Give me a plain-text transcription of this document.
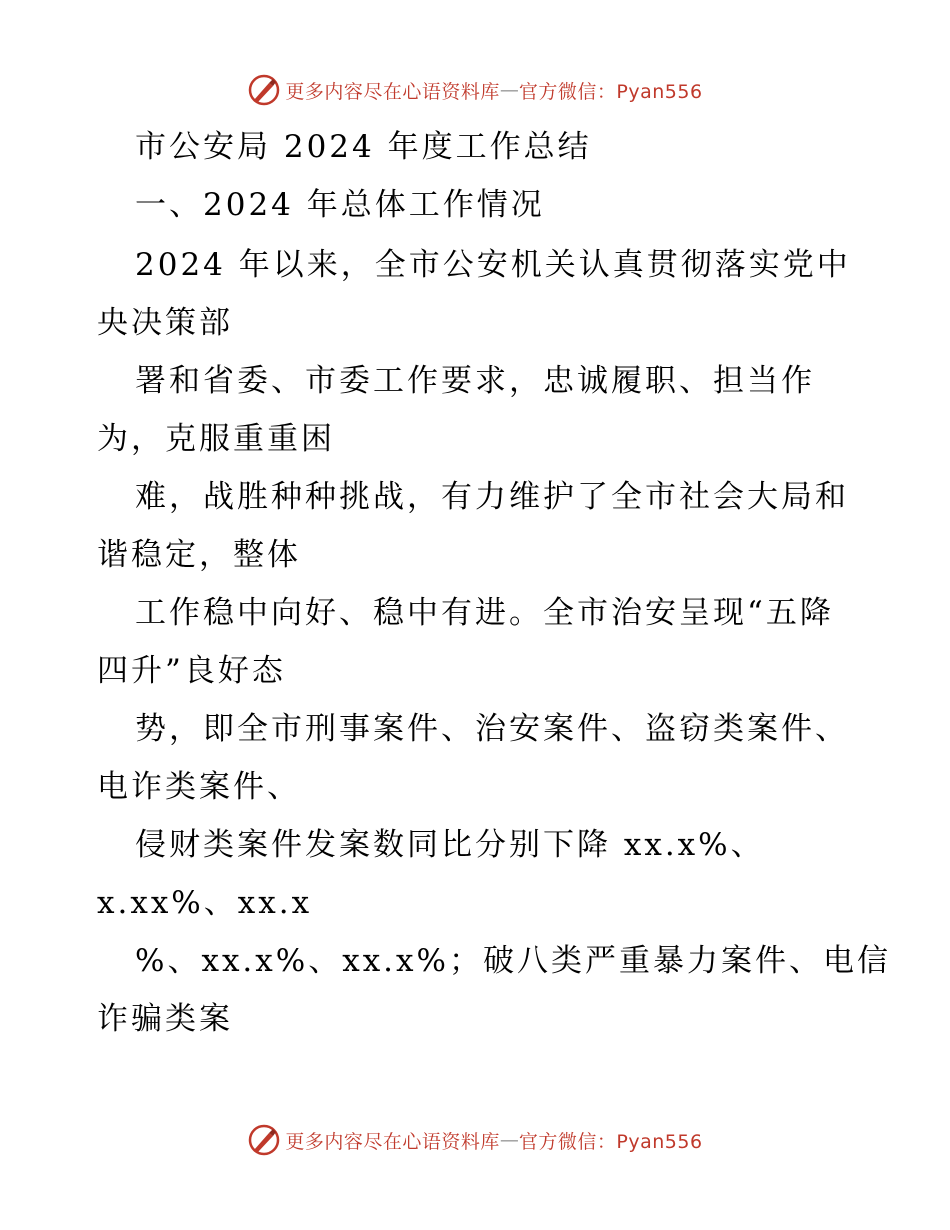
更多内容尽在心语资料库 — 官方微信：Pyan556
市公安局 2024 年度工作总结
一、2024 年总体工作情况
2024 年以来，全市公安机关认真贯彻落实党中
央决策部
署和省委、市委工作要求，忠诚履职、担当作
为，克服重重困
难，战胜种种挑战，有力维护了全市社会大局和
谐稳定，整体
工作稳中向好、稳中有进。全市治安呈现“五降
四升”良好态
势，即全市刑事案件、治安案件、盗窃类案件、
电诈类案件、
侵财类案件发案数同比分别下降 xx.x%、
x.xx%、xx.x
%、xx.x%、xx.x%；破八类严重暴力案件、电信
诈骗类案
更多内容尽在心语资料库 — 官方微信：Pyan556
